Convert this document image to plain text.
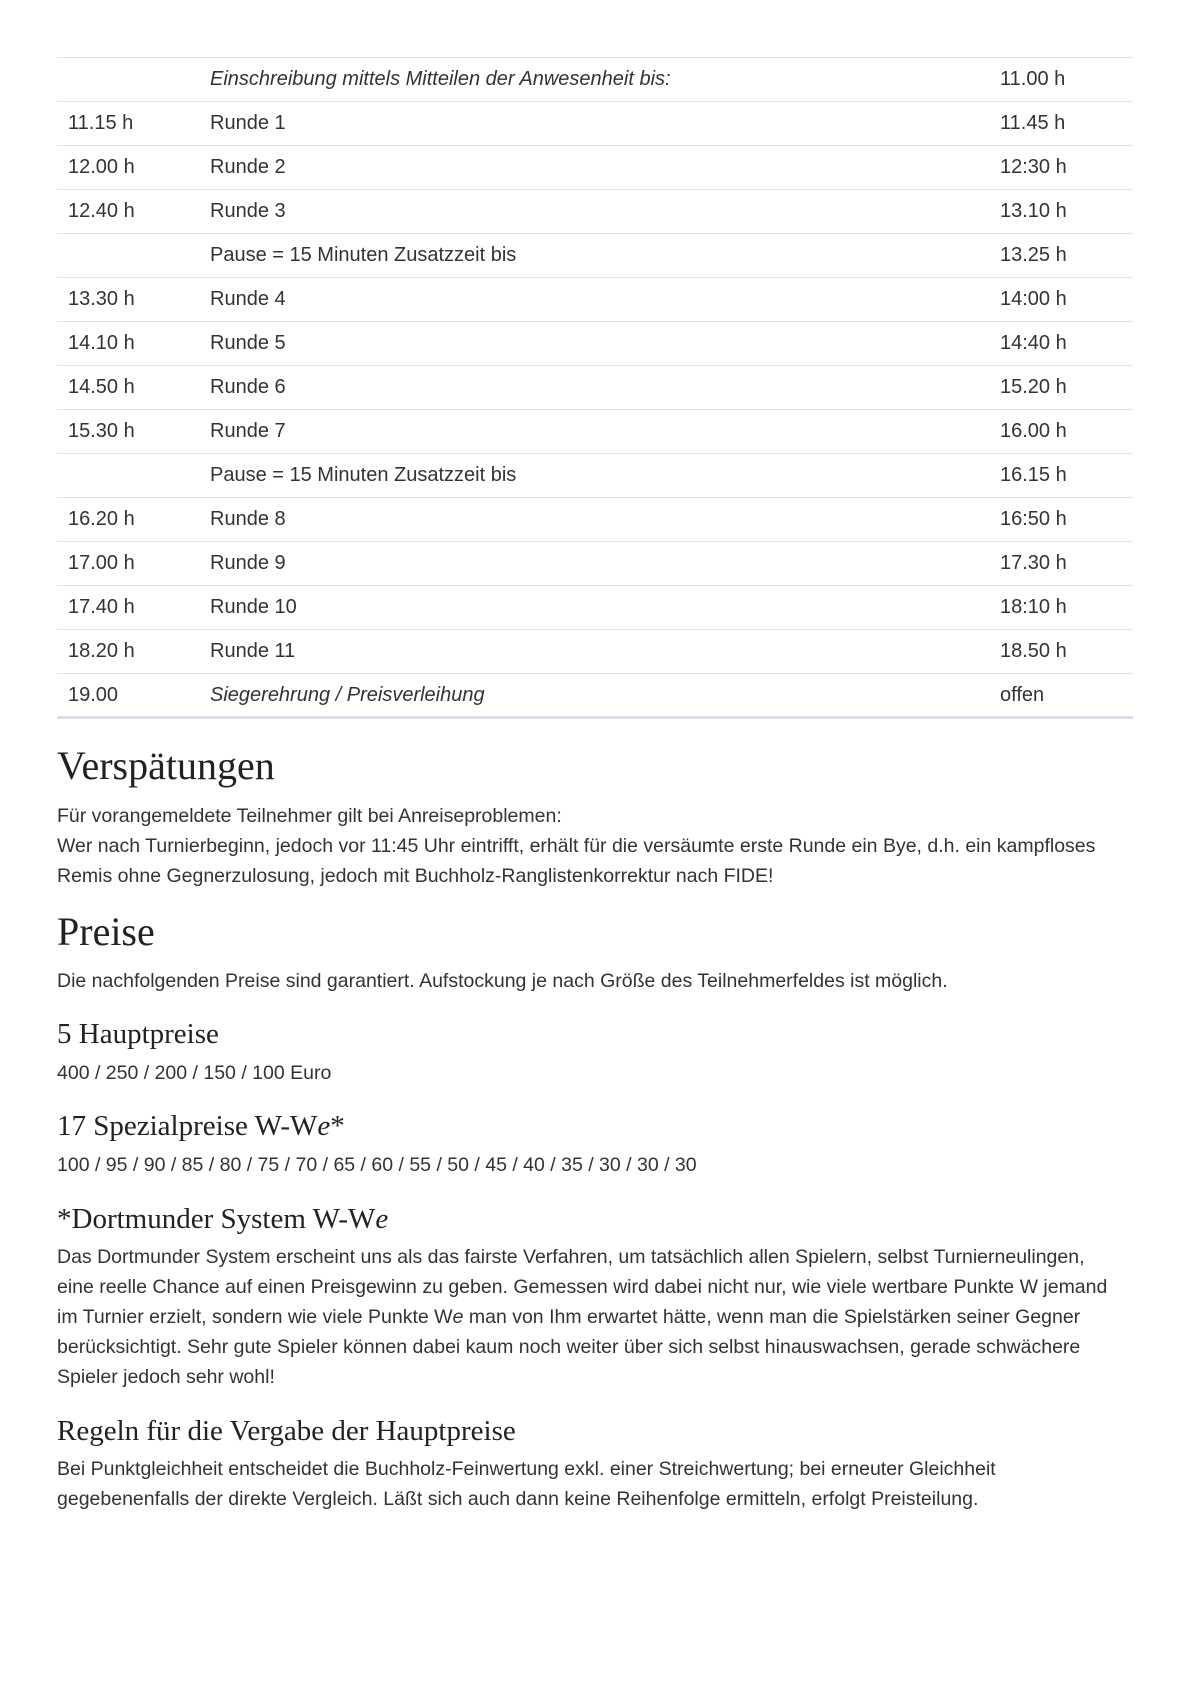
	Einschreibung mittels Mitteilen der Anwesenheit bis:	11.00 h
11.15 h	Runde 1	11.45 h
12.00 h	Runde 2	12:30 h
12.40 h	Runde 3	13.10 h
	Pause = 15 Minuten Zusatzzeit bis	13.25 h
13.30 h	Runde 4	14:00 h
14.10 h	Runde 5	14:40 h
14.50 h	Runde 6	15.20 h
15.30 h	Runde 7	16.00 h
	Pause = 15 Minuten Zusatzzeit bis	16.15 h
16.20 h	Runde 8	16:50 h
17.00 h	Runde 9	17.30 h
17.40 h	Runde 10	18:10 h
18.20 h	Runde 11	18.50 h
19.00	Siegerehrung / Preisverleihung	offen
Verspätungen

Für vorangemeldete Teilnehmer gilt bei Anreiseproblemen:

Wer nach Turnierbeginn, jedoch vor 11:45 Uhr eintrifft, erhält für die versäumte erste Runde ein Bye, d.h. ein kampfloses

Remis ohne Gegnerzulosung, jedoch mit Buchholz-Ranglistenkorrektur nach FIDE!

Preise

Die nachfolgenden Preise sind garantiert. Aufstockung je nach Größe des Teilnehmerfeldes ist möglich.

5 Hauptpreise

400 / 250 / 200 / 150 / 100 Euro

17 Spezialpreise W-We*

100 / 95 / 90 / 85 / 80 / 75 / 70 / 65 / 60 / 55 / 50 / 45 / 40 / 35 / 30 / 30 / 30

*Dortmunder System W-We

Das Dortmunder System erscheint uns als das fairste Verfahren, um tatsächlich allen Spielern, selbst Turnierneulingen,

eine reelle Chance auf einen Preisgewinn zu geben. Gemessen wird dabei nicht nur, wie viele wertbare Punkte W jemand

im Turnier erzielt, sondern wie viele Punkte We man von Ihm erwartet hätte, wenn man die Spielstärken seiner Gegner

berücksichtigt. Sehr gute Spieler können dabei kaum noch weiter über sich selbst hinauswachsen, gerade schwächere

Spieler jedoch sehr wohl!

Regeln für die Vergabe der Hauptpreise

Bei Punktgleichheit entscheidet die Buchholz-Feinwertung exkl. einer Streichwertung; bei erneuter Gleichheit

gegebenenfalls der direkte Vergleich. Läßt sich auch dann keine Reihenfolge ermitteln, erfolgt Preisteilung.
